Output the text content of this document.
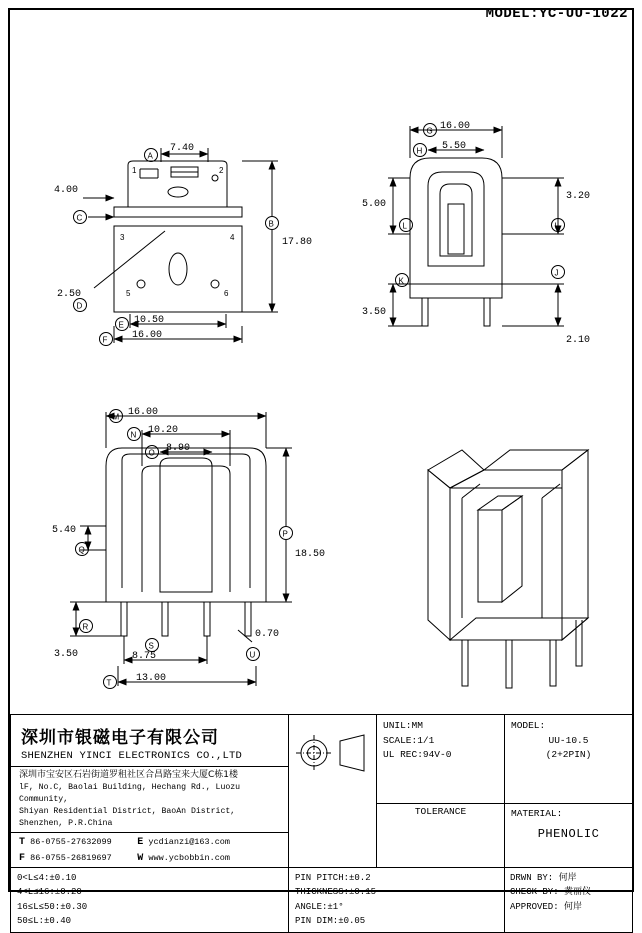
MODEL:YC-UU-1022
7.40
A
4.00
C
B
17.80
2.50
D
1	2
3	4
5	6
E 10.50
F 16.00
G 16.00
H 5.50
5.00
L
3.20
I
K
3.50
J
2.10
M 16.00
N 10.20
O 8.90
5.40
Q
P
18.50
R
3.50
S
8.75
0.70
U
T 13.00
深圳市银磁电子有限公司
SHENZHEN YINCI ELECTRONICS CO.,LTD
深圳市宝安区石岩街道罗租社区合昌路宝来大厦C栋1楼
lF, No.C, Baolai Building, Hechang Rd., Luozu Community,
Shiyan Residential District, BaoAn District,
Shenzhen, P.R.China
T 86-0755-27632099	E ycdianzi@163.com
F 86-0755-26819697	W www.ycbobbin.com

UNIL:MM
SCALE:1/1
UL REC:94V-0

MODEL:
UU-10.5
(2+2PIN)

		TOLERANCE	MATERIAL:
PHENOLIC

0<L≤4:±0.10
4<L≤16:±0.20
16≤L≤50:±0.30
50≤L:±0.40

PIN PITCH:±0.2
THICKNESS:±0.15
ANGLE:±1°
PIN DIM:±0.05

DRWN BY: 何岸
CHECK BY: 黄丽仪
APPROVED: 何岸
